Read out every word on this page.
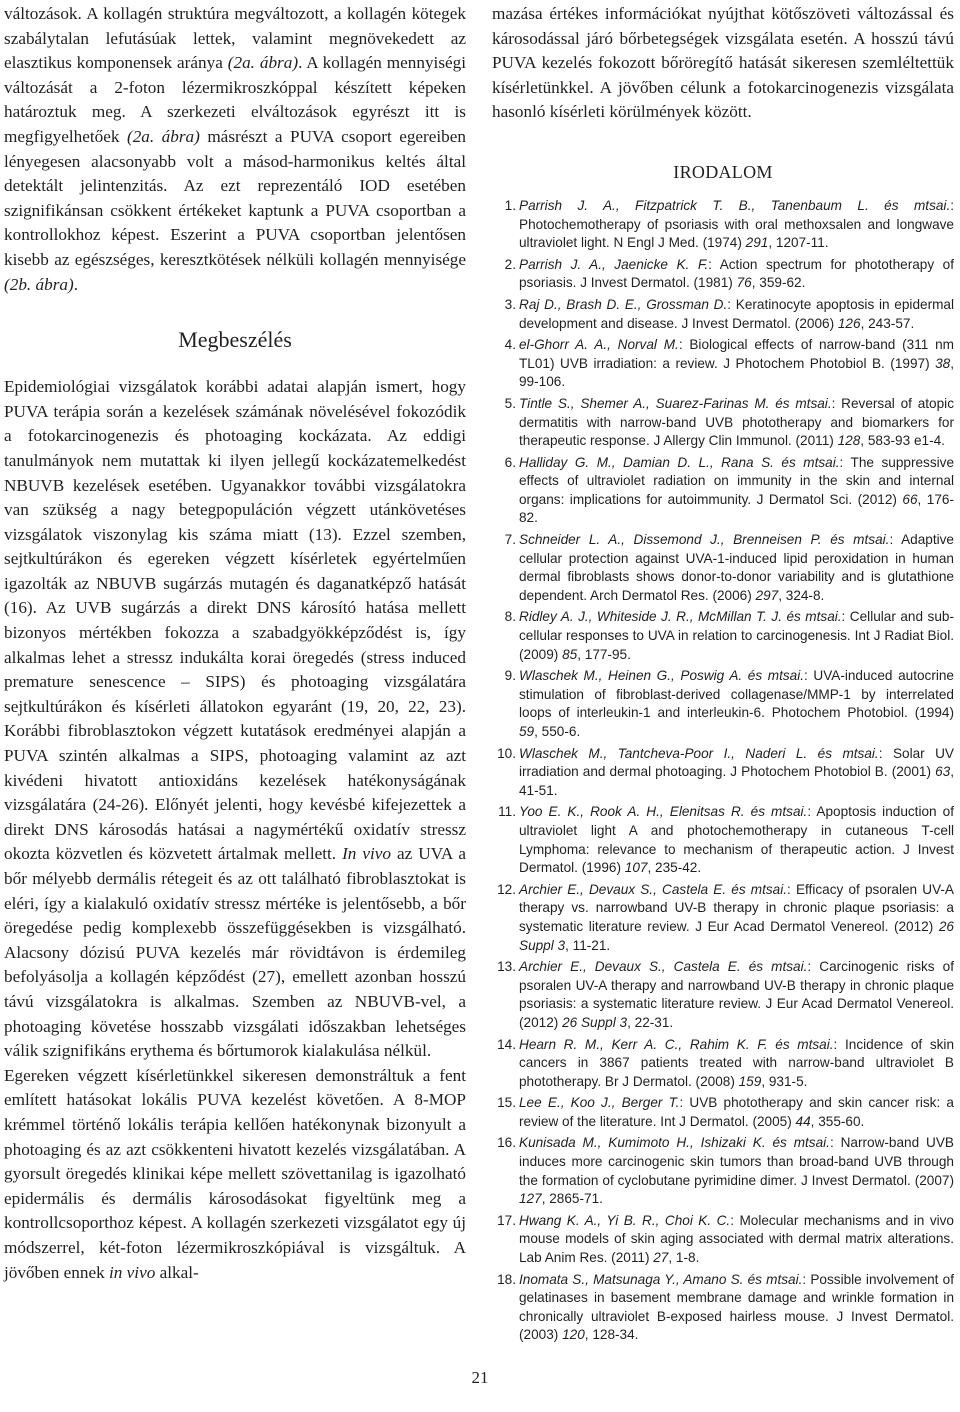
változások. A kollagén struktúra megváltozott, a kollagén kötegek szabálytalan lefutásúak lettek, valamint megnövekedett az elasztikus komponensek aránya (2a. ábra). A kollagén mennyiségi változását a 2-foton lézermikroszkóppal készített képeken határoztuk meg. A szerkezeti elváltozások egyrészt itt is megfigyelhetőek (2a. ábra) másrészt a PUVA csoport egereiben lényegesen alacsonyabb volt a másod-harmonikus keltés által detektált jelintenzitás. Az ezt reprezentáló IOD esetében szignifikánsan csökkent értékeket kaptunk a PUVA csoportban a kontrollokhoz képest. Eszerint a PUVA csoportban jelentősen kisebb az egészséges, keresztkötések nélküli kollagén mennyisége (2b. ábra).

Megbeszélés

Epidemiológiai vizsgálatok korábbi adatai alapján ismert, hogy PUVA terápia során a kezelések számának növelésével fokozódik a fotokarcinogenezis és photoaging kockázata. Az eddigi tanulmányok nem mutattak ki ilyen jellegű kockázatemelkedést NBUVB kezelések esetében. Ugyanakkor további vizsgálatokra van szükség a nagy betegpopuláción végzett utánkövetéses vizsgálatok viszonylag kis száma miatt (13). Ezzel szemben, sejtkultúrákon és egereken végzett kísérletek egyértelműen igazolták az NBUVB sugárzás mutagén és daganatképző hatását (16). Az UVB sugárzás a direkt DNS károsító hatása mellett bizonyos mértékben fokozza a szabadgyökképződést is, így alkalmas lehet a stressz indukálta korai öregedés (stress induced premature senescence – SIPS) és photoaging vizsgálatára sejtkultúrákon és kísérleti állatokon egyaránt (19, 20, 22, 23). Korábbi fibroblasztokon végzett kutatások eredményei alapján a PUVA szintén alkalmas a SIPS, photoaging valamint az azt kivédeni hivatott antioxidáns kezelések hatékonyságának vizsgálatára (24-26). Előnyét jelenti, hogy kevésbé kifejezettek a direkt DNS károsodás hatásai a nagymértékű oxidatív stressz okozta közvetlen és közvetett ártalmak mellett. In vivo az UVA a bőr mélyebb dermális rétegeit és az ott található fibroblasztokat is eléri, így a kialakuló oxidatív stressz mértéke is jelentősebb, a bőr öregedése pedig komplexebb összefüggésekben is vizsgálható. Alacsony dózisú PUVA kezelés már rövidtávon is érdemileg befolyásolja a kollagén képződést (27), emellett azonban hosszú távú vizsgálatokra is alkalmas. Szemben az NBUVB-vel, a photoaging követése hosszabb vizsgálati időszakban lehetséges válik szignifikáns erythema és bőrtumorok kialakulása nélkül.

Egereken végzett kísérletünkkel sikeresen demonstráltuk a fent említett hatásokat lokális PUVA kezelést követően. A 8-MOP krémmel történő lokális terápia kellően hatékonynak bizonyult a photoaging és az azt csökkenteni hivatott kezelés vizsgálatában. A gyorsult öregedés klinikai képe mellett szövettanilag is igazolható epidermális és dermális károsodásokat figyeltünk meg a kontrollcsoporthoz képest. A kollagén szerkezeti vizsgálatot egy új módszerrel, két-foton lézermikroszkópiával is vizsgáltuk. A jövőben ennek in vivo alkal-

mazása értékes információkat nyújthat kötőszöveti változással és károsodással járó bőrbetegségek vizsgálata esetén. A hosszú távú PUVA kezelés fokozott bőröregítő hatását sikeresen szemléltettük kísérletünkkel. A jövőben célunk a fotokarcinogenezis vizsgálata hasonló kísérleti körülmények között.

IRODALOM
1. Parrish J. A., Fitzpatrick T. B., Tanenbaum L. és mtsai.: Photochemotherapy of psoriasis with oral methoxsalen and longwave ultraviolet light. N Engl J Med. (1974) 291, 1207-11.
2. Parrish J. A., Jaenicke K. F.: Action spectrum for phototherapy of psoriasis. J Invest Dermatol. (1981) 76, 359-62.
3. Raj D., Brash D. E., Grossman D.: Keratinocyte apoptosis in epidermal development and disease. J Invest Dermatol. (2006) 126, 243-57.
4. el-Ghorr A. A., Norval M.: Biological effects of narrow-band (311 nm TL01) UVB irradiation: a review. J Photochem Photobiol B. (1997) 38, 99-106.
5. Tintle S., Shemer A., Suarez-Farinas M. és mtsai.: Reversal of atopic dermatitis with narrow-band UVB phototherapy and biomarkers for therapeutic response. J Allergy Clin Immunol. (2011) 128, 583-93 e1-4.
6. Halliday G. M., Damian D. L., Rana S. és mtsai.: The suppressive effects of ultraviolet radiation on immunity in the skin and internal organs: implications for autoimmunity. J Dermatol Sci. (2012) 66, 176-82.
7. Schneider L. A., Dissemond J., Brenneisen P. és mtsai.: Adaptive cellular protection against UVA-1-induced lipid peroxidation in human dermal fibroblasts shows donor-to-donor variability and is glutathione dependent. Arch Dermatol Res. (2006) 297, 324-8.
8. Ridley A. J., Whiteside J. R., McMillan T. J. és mtsai.: Cellular and sub-cellular responses to UVA in relation to carcinogenesis. Int J Radiat Biol. (2009) 85, 177-95.
9. Wlaschek M., Heinen G., Poswig A. és mtsai.: UVA-induced autocrine stimulation of fibroblast-derived collagenase/MMP-1 by interrelated loops of interleukin-1 and interleukin-6. Photochem Photobiol. (1994) 59, 550-6.
10. Wlaschek M., Tantcheva-Poor I., Naderi L. és mtsai.: Solar UV irradiation and dermal photoaging. J Photochem Photobiol B. (2001) 63, 41-51.
11. Yoo E. K., Rook A. H., Elenitsas R. és mtsai.: Apoptosis induction of ultraviolet light A and photochemotherapy in cutaneous T-cell Lymphoma: relevance to mechanism of therapeutic action. J Invest Dermatol. (1996) 107, 235-42.
12. Archier E., Devaux S., Castela E. és mtsai.: Efficacy of psoralen UV-A therapy vs. narrowband UV-B therapy in chronic plaque psoriasis: a systematic literature review. J Eur Acad Dermatol Venereol. (2012) 26 Suppl 3, 11-21.
13. Archier E., Devaux S., Castela E. és mtsai.: Carcinogenic risks of psoralen UV-A therapy and narrowband UV-B therapy in chronic plaque psoriasis: a systematic literature review. J Eur Acad Dermatol Venereol. (2012) 26 Suppl 3, 22-31.
14. Hearn R. M., Kerr A. C., Rahim K. F. és mtsai.: Incidence of skin cancers in 3867 patients treated with narrow-band ultraviolet B phototherapy. Br J Dermatol. (2008) 159, 931-5.
15. Lee E., Koo J., Berger T.: UVB phototherapy and skin cancer risk: a review of the literature. Int J Dermatol. (2005) 44, 355-60.
16. Kunisada M., Kumimoto H., Ishizaki K. és mtsai.: Narrow-band UVB induces more carcinogenic skin tumors than broad-band UVB through the formation of cyclobutane pyrimidine dimer. J Invest Dermatol. (2007) 127, 2865-71.
17. Hwang K. A., Yi B. R., Choi K. C.: Molecular mechanisms and in vivo mouse models of skin aging associated with dermal matrix alterations. Lab Anim Res. (2011) 27, 1-8.
18. Inomata S., Matsunaga Y., Amano S. és mtsai.: Possible involvement of gelatinases in basement membrane damage and wrinkle formation in chronically ultraviolet B-exposed hairless mouse. J Invest Dermatol. (2003) 120, 128-34.
21
